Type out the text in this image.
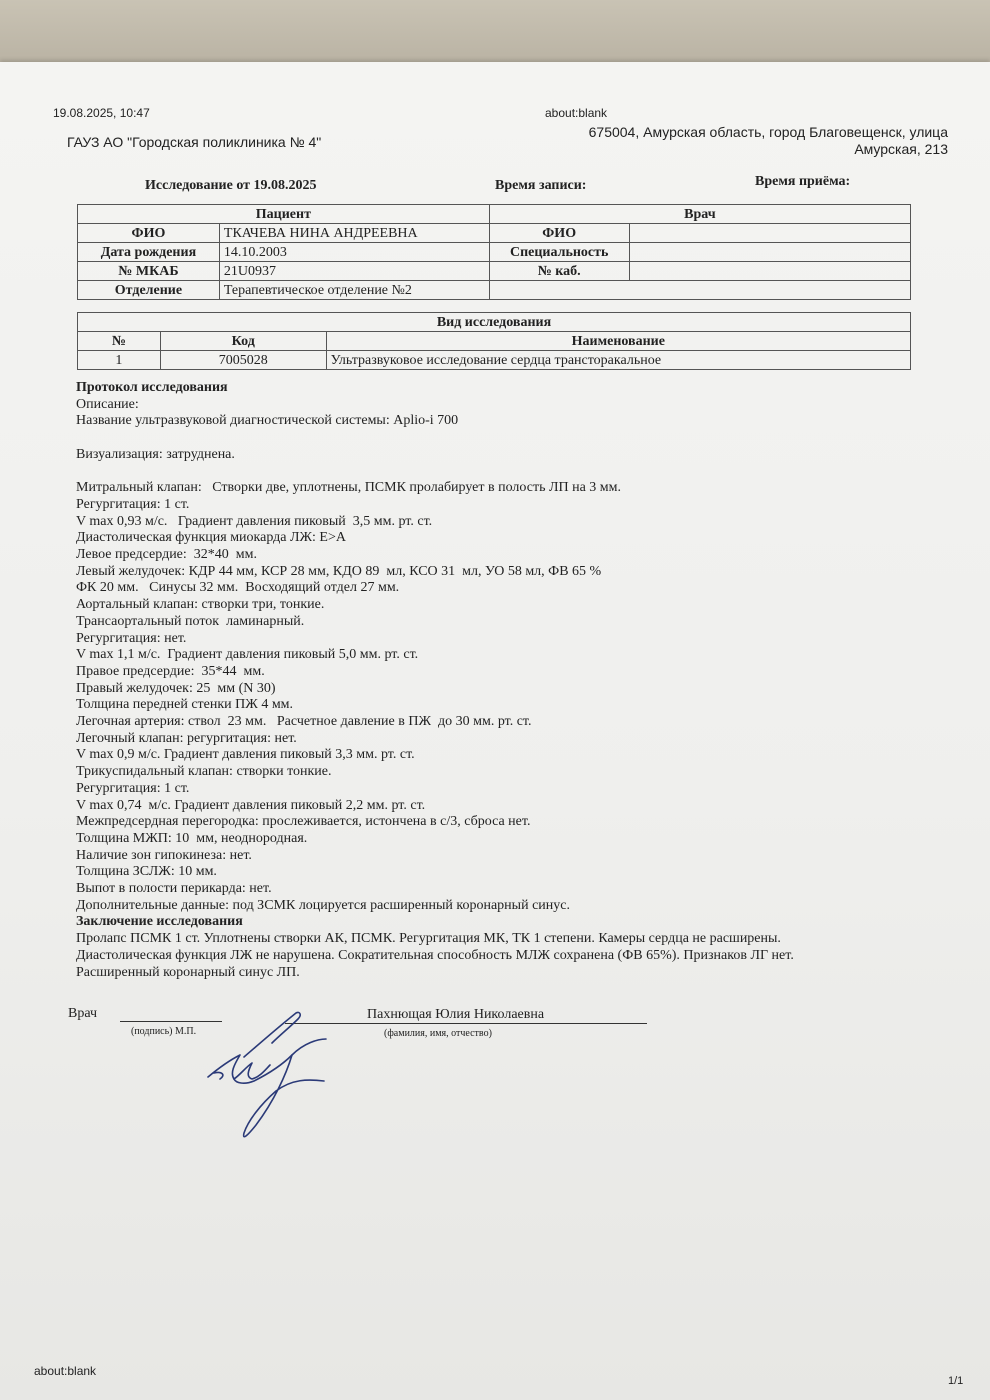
19.08.2025, 10:47	about:blank
ГАУЗ АО "Городская поликлиника № 4"
675004, Амурская область, город Благовещенск, улица
Амурская, 213
Исследование от 19.08.2025	Время записи:	Время приёма:
Пациент		Врач	
ФИО	ТКАЧЕВА НИНА АНДРЕЕВНА	ФИО	
Дата рождения	14.10.2003	Специальность	
№ МКАБ	21U0937	№ каб.	
Отделение	Терапевтическое отделение №2		
Вид исследования		
№	Код	Наименование
1	7005028	Ультразвуковое исследование сердца трансторакальное
Протокол исследования
Описание:
Название ультразвуковой диагностической системы: Aplio-i 700
Визуализация: затруднена.
Митральный клапан:   Створки две, уплотнены, ПСМК пролабирует в полость ЛП на 3 мм.
Регургитация: 1 ст.
V max 0,93 м/с.   Градиент давления пиковый  3,5 мм. рт. ст.
Диастолическая функция миокарда ЛЖ: Е>А
Левое предсердие:  32*40  мм.
Левый желудочек: КДР 44 мм, КСР 28 мм, КДО 89  мл, КСО 31  мл, УО 58 мл, ФВ 65 %
ФК 20 мм.   Синусы 32 мм.  Восходящий отдел 27 мм.
Аортальный клапан: створки три, тонкие.
Трансаортальный поток  ламинарный.
Регургитация: нет.
V max 1,1 м/с.  Градиент давления пиковый 5,0 мм. рт. ст.
Правое предсердие:  35*44  мм.
Правый желудочек: 25  мм (N 30)
Толщина передней стенки ПЖ 4 мм.
Легочная артерия: ствол  23 мм.   Расчетное давление в ПЖ  до 30 мм. рт. ст.
Легочный клапан: регургитация: нет.
V max 0,9 м/с. Градиент давления пиковый 3,3 мм. рт. ст.
Трикуспидальный клапан: створки тонкие.
Регургитация: 1 ст.
V max 0,74  м/с. Градиент давления пиковый 2,2 мм. рт. ст.
Межпредсердная перегородка: прослеживается, истончена в с/3, сброса нет.
Толщина МЖП: 10  мм, неоднородная.
Наличие зон гипокинеза: нет.
Толщина ЗСЛЖ: 10 мм.
Выпот в полости перикарда: нет.
Дополнительные данные: под ЗСМК лоцируется расширенный коронарный синус.
Заключение исследования
Пролапс ПСМК 1 ст. Уплотнены створки АК, ПСМК. Регургитация МК, ТК 1 степени. Камеры сердца не расширены.
Диастолическая функция ЛЖ не нарушена. Сократительная способность МЛЖ сохранена (ФВ 65%). Признаков ЛГ нет.
Расширенный коронарный синус ЛП.
Врач	Пахнющая Юлия Николаевна
(подпись) М.П.	(фамилия, имя, отчество)
about:blank
1/1
